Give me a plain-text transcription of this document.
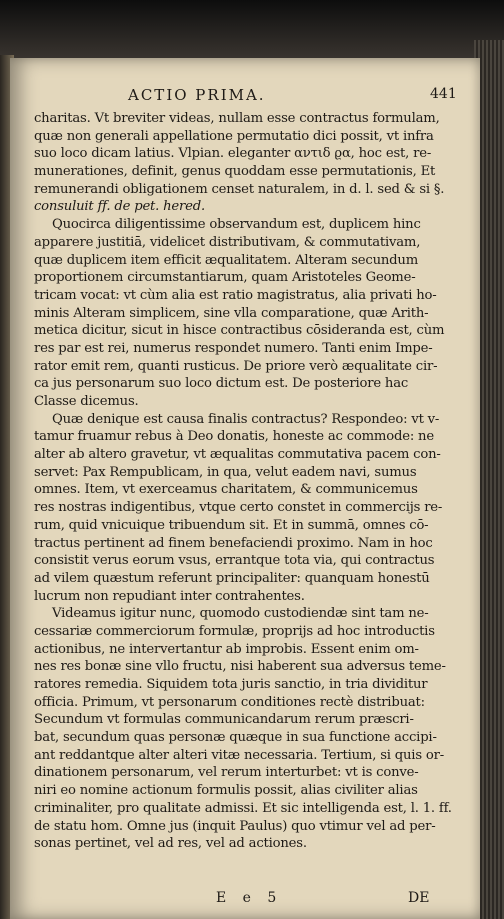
ACTIO PRIMA.	441
charitas. Vt breviter videas, nullam esse contractus formulam,
quæ non generali appellatione permutatio dici possit, vt infra
suo loco dicam latius. Vlpian. eleganter αντιδ ϱα, hoc est, re-
munerationes, definit, genus quoddam esse permutationis, Et
remunerandi obligationem censet naturalem, in d. l. sed & si §.
consuluit ff. de pet. hered.
Quocirca diligentissime observandum est, duplicem hinc
apparere justitiā, videlicet distributivam, & commutativam,
quæ duplicem item efficit æqualitatem. Alteram secundum
proportionem circumstantiarum, quam Aristoteles Geome-
tricam vocat: vt cùm alia est ratio magistratus, alia privati ho-
minis Alteram simplicem, sine vlla comparatione, quæ Arith-
metica dicitur, sicut in hisce contractibus cōsideranda est, cùm
res par est rei, numerus respondet numero. Tanti enim Impe-
rator emit rem, quanti rusticus. De priore verò æqualitate cir-
ca jus personarum suo loco dictum est. De posteriore hac
Classe dicemus.
Quæ denique est causa finalis contractus? Respondeo: vt v-
tamur fruamur rebus à Deo donatis, honeste ac commode: ne
alter ab altero gravetur, vt æqualitas commutativa pacem con-
servet: Pax Rempublicam, in qua, velut eadem navi, sumus
omnes. Item, vt exerceamus charitatem, & communicemus
res nostras indigentibus, vtque certo constet in commercijs re-
rum, quid vnicuique tribuendum sit. Et in summā, omnes cō-
tractus pertinent ad finem benefaciendi proximo. Nam in hoc
consistit verus eorum vsus, errantque tota via, qui contractus
ad vilem quæstum referunt principaliter: quanquam honestū
lucrum non repudiant inter contrahentes.
Videamus igitur nunc, quomodo custodiendæ sint tam ne-
cessariæ commerciorum formulæ, proprijs ad hoc introductis
actionibus, ne intervertantur ab improbis. Essent enim om-
nes res bonæ sine vllo fructu, nisi haberent sua adversus teme-
ratores remedia. Siquidem tota juris sanctio, in tria dividitur
officia. Primum, vt personarum conditiones rectè distribuat:
Secundum vt formulas communicandarum rerum præscri-
bat, secundum quas personæ quæque in sua functione accipi-
ant reddantque alter alteri vitæ necessaria. Tertium, si quis or-
dinationem personarum, vel rerum interturbet: vt is conve-
niri eo nomine actionum formulis possit, alias civiliter alias
criminaliter, pro qualitate admissi. Et sic intelligenda est, l. 1. ff.
de statu hom. Omne jus (inquit Paulus) quo vtimur vel ad per-
sonas pertinet, vel ad res, vel ad actiones.
E e 5	DE
